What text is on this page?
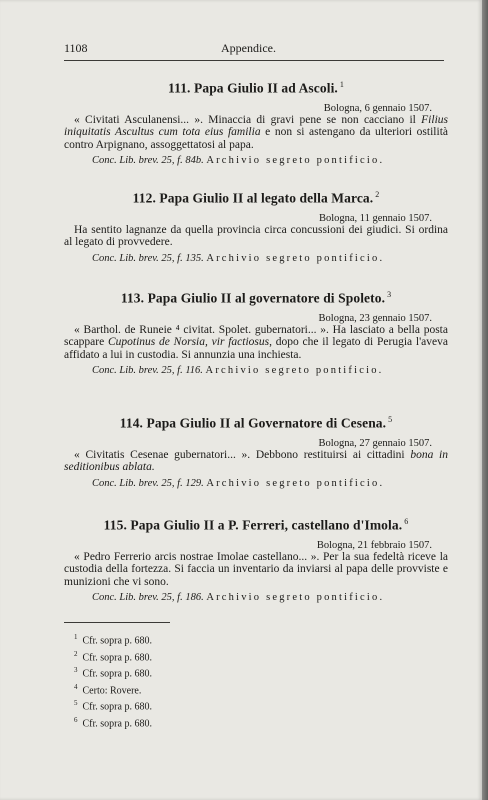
1108	Appendice.

111. Papa Giulio II ad Ascoli. $^1$

Bologna, 6 gennaio 1507.

« Civitati Asculanensi... ». Minaccia di gravi pene se non cacciano il Filius iniquitatis Ascultus cum tota eius familia e non si astengano da ulteriori ostilità contro Arpignano, assoggettatosi al papa.

Conc. Lib. brev. 25, f. 84b. Archivio segreto pontificio.

112. Papa Giulio II al legato della Marca. $^2$

Bologna, 11 gennaio 1507.

Ha sentito lagnanze da quella provincia circa concussioni dei giudici. Si ordina al legato di provvedere.

Conc. Lib. brev. 25, f. 135. Archivio segreto pontificio.

113. Papa Giulio II al governatore di Spoleto. $^3$

Bologna, 23 gennaio 1507.

« Barthol. de Runeie ⁴ civitat. Spolet. gubernatori... ». Ha lasciato a bella posta scappare Cupotinus de Norsia, vir factiosus, dopo che il legato di Perugia l'aveva affidato a lui in custodia. Si annunzia una inchiesta.

Conc. Lib. brev. 25, f. 116. Archivio segreto pontificio.

114. Papa Giulio II al Governatore di Cesena. $^5$

Bologna, 27 gennaio 1507.

« Civitatis Cesenae gubernatori... ». Debbono restituirsi ai cittadini bona in seditionibus ablata.

Conc. Lib. brev. 25, f. 129. Archivio segreto pontificio.

115. Papa Giulio II a P. Ferreri, castellano d'Imola. $^6$

Bologna, 21 febbraio 1507.

« Pedro Ferrerio arcis nostrae Imolae castellano... ». Per la sua fedeltà riceve la custodia della fortezza. Si faccia un inventario da inviarsi al papa delle provviste e munizioni che vi sono.

Conc. Lib. brev. 25, f. 186. Archivio segreto pontificio.

$^1$ Cfr. sopra p. 680.
$^2$ Cfr. sopra p. 680.
$^3$ Cfr. sopra p. 680.
$^4$ Certo: Rovere.
$^5$ Cfr. sopra p. 680.
$^6$ Cfr. sopra p. 680.
